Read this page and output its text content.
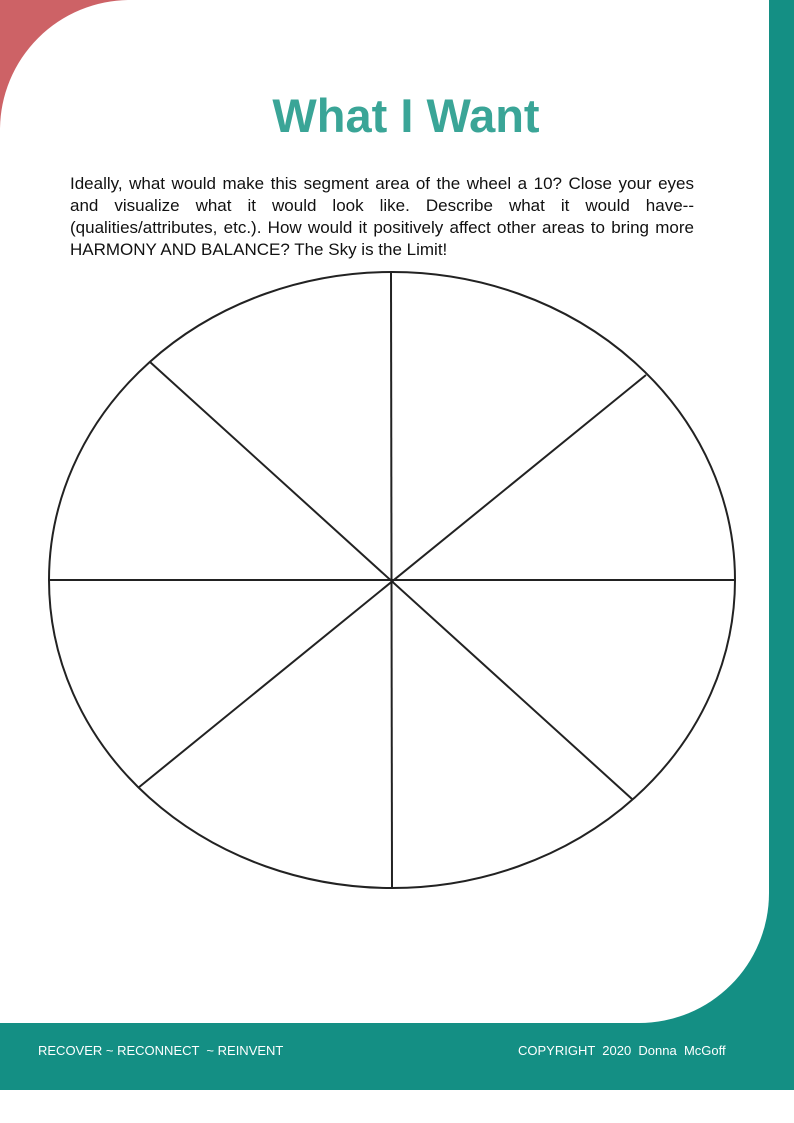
What I Want

Ideally, what would make this segment area of the wheel a 10? Close your eyes and visualize what it would look like. Describe what it would have--(qualities/attributes, etc.). How would it positively affect other areas to bring more HARMONY AND BALANCE? The Sky is the Limit!

RECOVER ~ RECONNECT  ~ REINVENT	COPYRIGHT  2020  Donna  McGoff
